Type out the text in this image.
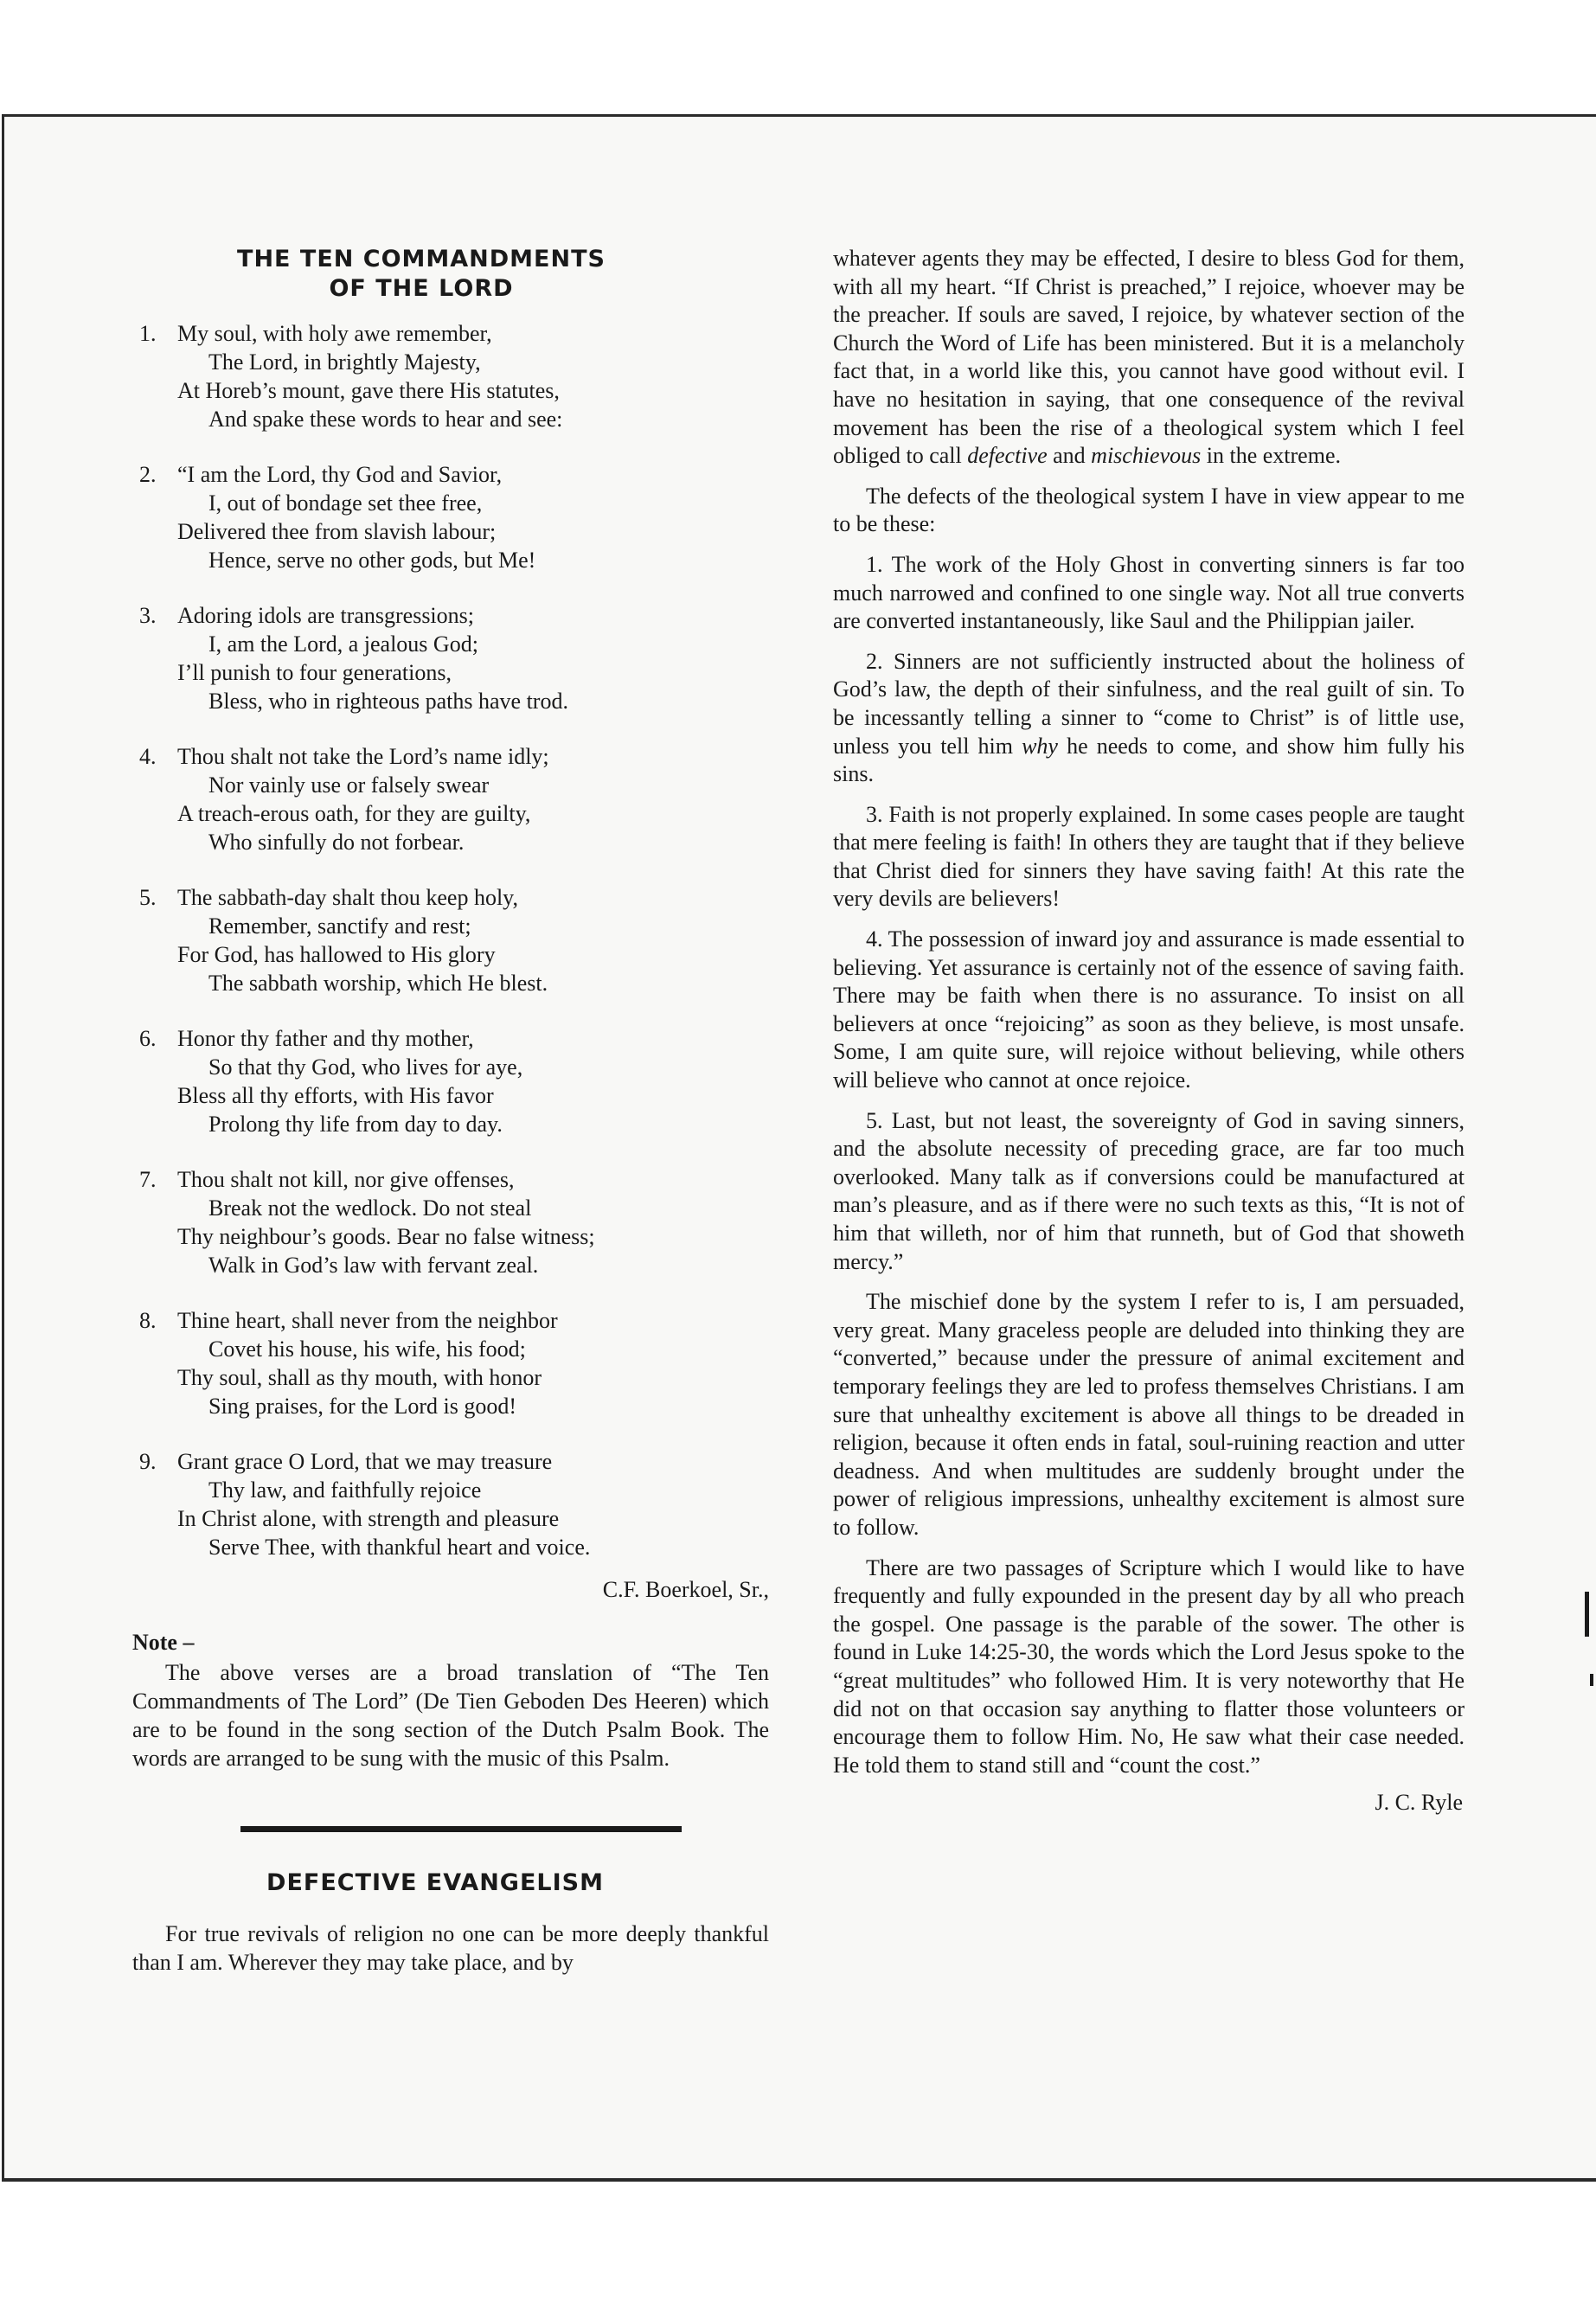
THE TEN COMMANDMENTS
OF THE LORD
1. My soul, with holy awe remember,
The Lord, in brightly Majesty,
At Horeb’s mount, gave there His statutes,
And spake these words to hear and see:
2. “I am the Lord, thy God and Savior,
I, out of bondage set thee free,
Delivered thee from slavish labour;
Hence, serve no other gods, but Me!
3. Adoring idols are transgressions;
I, am the Lord, a jealous God;
I’ll punish to four generations,
Bless, who in righteous paths have trod.
4. Thou shalt not take the Lord’s name idly;
Nor vainly use or falsely swear
A treach-erous oath, for they are guilty,
Who sinfully do not forbear.
5. The sabbath-day shalt thou keep holy,
Remember, sanctify and rest;
For God, has hallowed to His glory
The sabbath worship, which He blest.
6. Honor thy father and thy mother,
So that thy God, who lives for aye,
Bless all thy efforts, with His favor
Prolong thy life from day to day.
7. Thou shalt not kill, nor give offenses,
Break not the wedlock. Do not steal
Thy neighbour’s goods. Bear no false witness;
Walk in God’s law with fervant zeal.
8. Thine heart, shall never from the neighbor
Covet his house, his wife, his food;
Thy soul, shall as thy mouth, with honor
Sing praises, for the Lord is good!
9. Grant grace O Lord, that we may treasure
Thy law, and faithfully rejoice
In Christ alone, with strength and pleasure
Serve Thee, with thankful heart and voice.
C.F. Boerkoel, Sr.,
Note –

The above verses are a broad translation of “The Ten Commandments of The Lord” (De Tien Geboden Des Heeren) which are to be found in the song section of the Dutch Psalm Book. The words are arranged to be sung with the music of this Psalm.

DEFECTIVE EVANGELISM

For true revivals of religion no one can be more deeply thankful than I am. Wherever they may take place, and by

whatever agents they may be effected, I desire to bless God for them, with all my heart. “If Christ is preached,” I rejoice, whoever may be the preacher. If souls are saved, I rejoice, by whatever section of the Church the Word of Life has been ministered. But it is a melancholy fact that, in a world like this, you cannot have good without evil. I have no hesitation in saying, that one consequence of the revival movement has been the rise of a theological system which I feel obliged to call defective and mischievous in the extreme.

The defects of the theological system I have in view appear to me to be these:

1. The work of the Holy Ghost in converting sinners is far too much narrowed and confined to one single way. Not all true converts are converted instantaneously, like Saul and the Philippian jailer.

2. Sinners are not sufficiently instructed about the holiness of God’s law, the depth of their sinfulness, and the real guilt of sin. To be incessantly telling a sinner to “come to Christ” is of little use, unless you tell him why he needs to come, and show him fully his sins.

3. Faith is not properly explained. In some cases people are taught that mere feeling is faith! In others they are taught that if they believe that Christ died for sinners they have saving faith! At this rate the very devils are believers!

4. The possession of inward joy and assurance is made essential to believing. Yet assurance is certainly not of the essence of saving faith. There may be faith when there is no assurance. To insist on all believers at once “rejoicing” as soon as they believe, is most unsafe. Some, I am quite sure, will rejoice without believing, while others will believe who cannot at once rejoice.

5. Last, but not least, the sovereignty of God in saving sinners, and the absolute necessity of preceding grace, are far too much overlooked. Many talk as if conversions could be manufactured at man’s pleasure, and as if there were no such texts as this, “It is not of him that willeth, nor of him that runneth, but of God that showeth mercy.”

The mischief done by the system I refer to is, I am persuaded, very great. Many graceless people are deluded into thinking they are “converted,” because under the pressure of animal excitement and temporary feelings they are led to profess themselves Christians. I am sure that unhealthy excitement is above all things to be dreaded in religion, because it often ends in fatal, soul-ruining reaction and utter deadness. And when multitudes are suddenly brought under the power of religious impressions, unhealthy excitement is almost sure to follow.

There are two passages of Scripture which I would like to have frequently and fully expounded in the present day by all who preach the gospel. One passage is the parable of the sower. The other is found in Luke 14:25-30, the words which the Lord Jesus spoke to the “great multitudes” who followed Him. It is very noteworthy that He did not on that occasion say anything to flatter those volunteers or encourage them to follow Him. No, He saw what their case needed. He told them to stand still and “count the cost.”

J. C. Ryle
